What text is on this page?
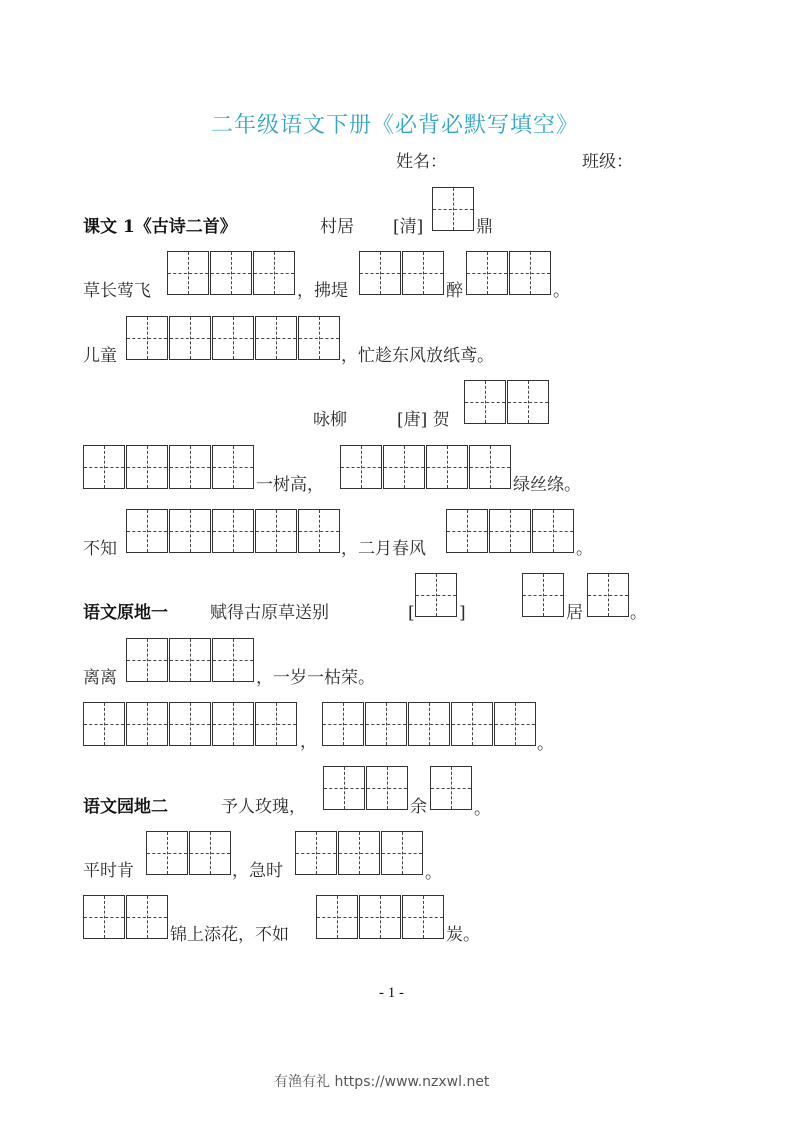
二年级语文下册《必背必默写填空》
姓名：	班级：
课文 1《古诗二首》	村居 [清]	鼎
草长莺飞	，拂堤	醉	。
儿童	，忙趁东风放纸鸢。
咏柳	[唐] 贺
一树高，	绿丝绦。
不知	，二月春风	。
语文原地一 赋得古原草送别	[	]	居	。
离离	，一岁一枯荣。
，	。
语文园地二	予人玫瑰，	余	。
平时肯	，急时	。
锦上添花，不如	炭。
- 1 -
有渔有礼 https://www.nzxwl.net
